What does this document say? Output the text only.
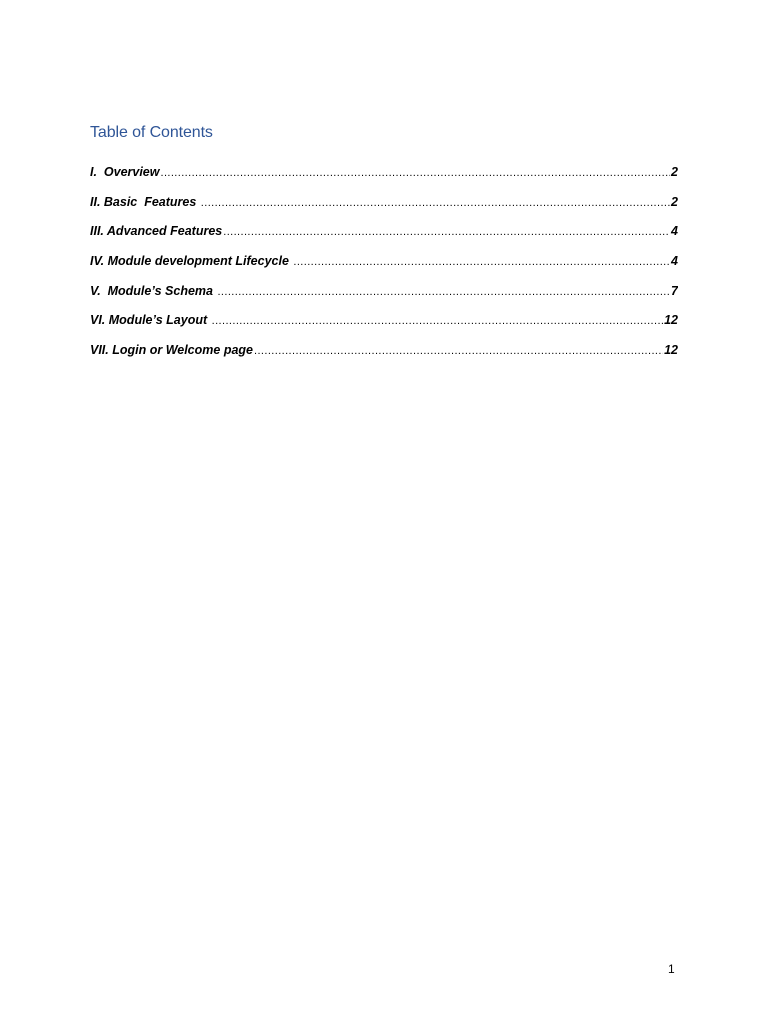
Table of Contents
I.  Overview .....	2
II. Basic  Features .....	2
III. Advanced Features .....	4
IV. Module development Lifecycle .....	4
V.  Module’s Schema .....	7
VI. Module’s Layout .....	12
VII. Login or Welcome page .....	12
1
